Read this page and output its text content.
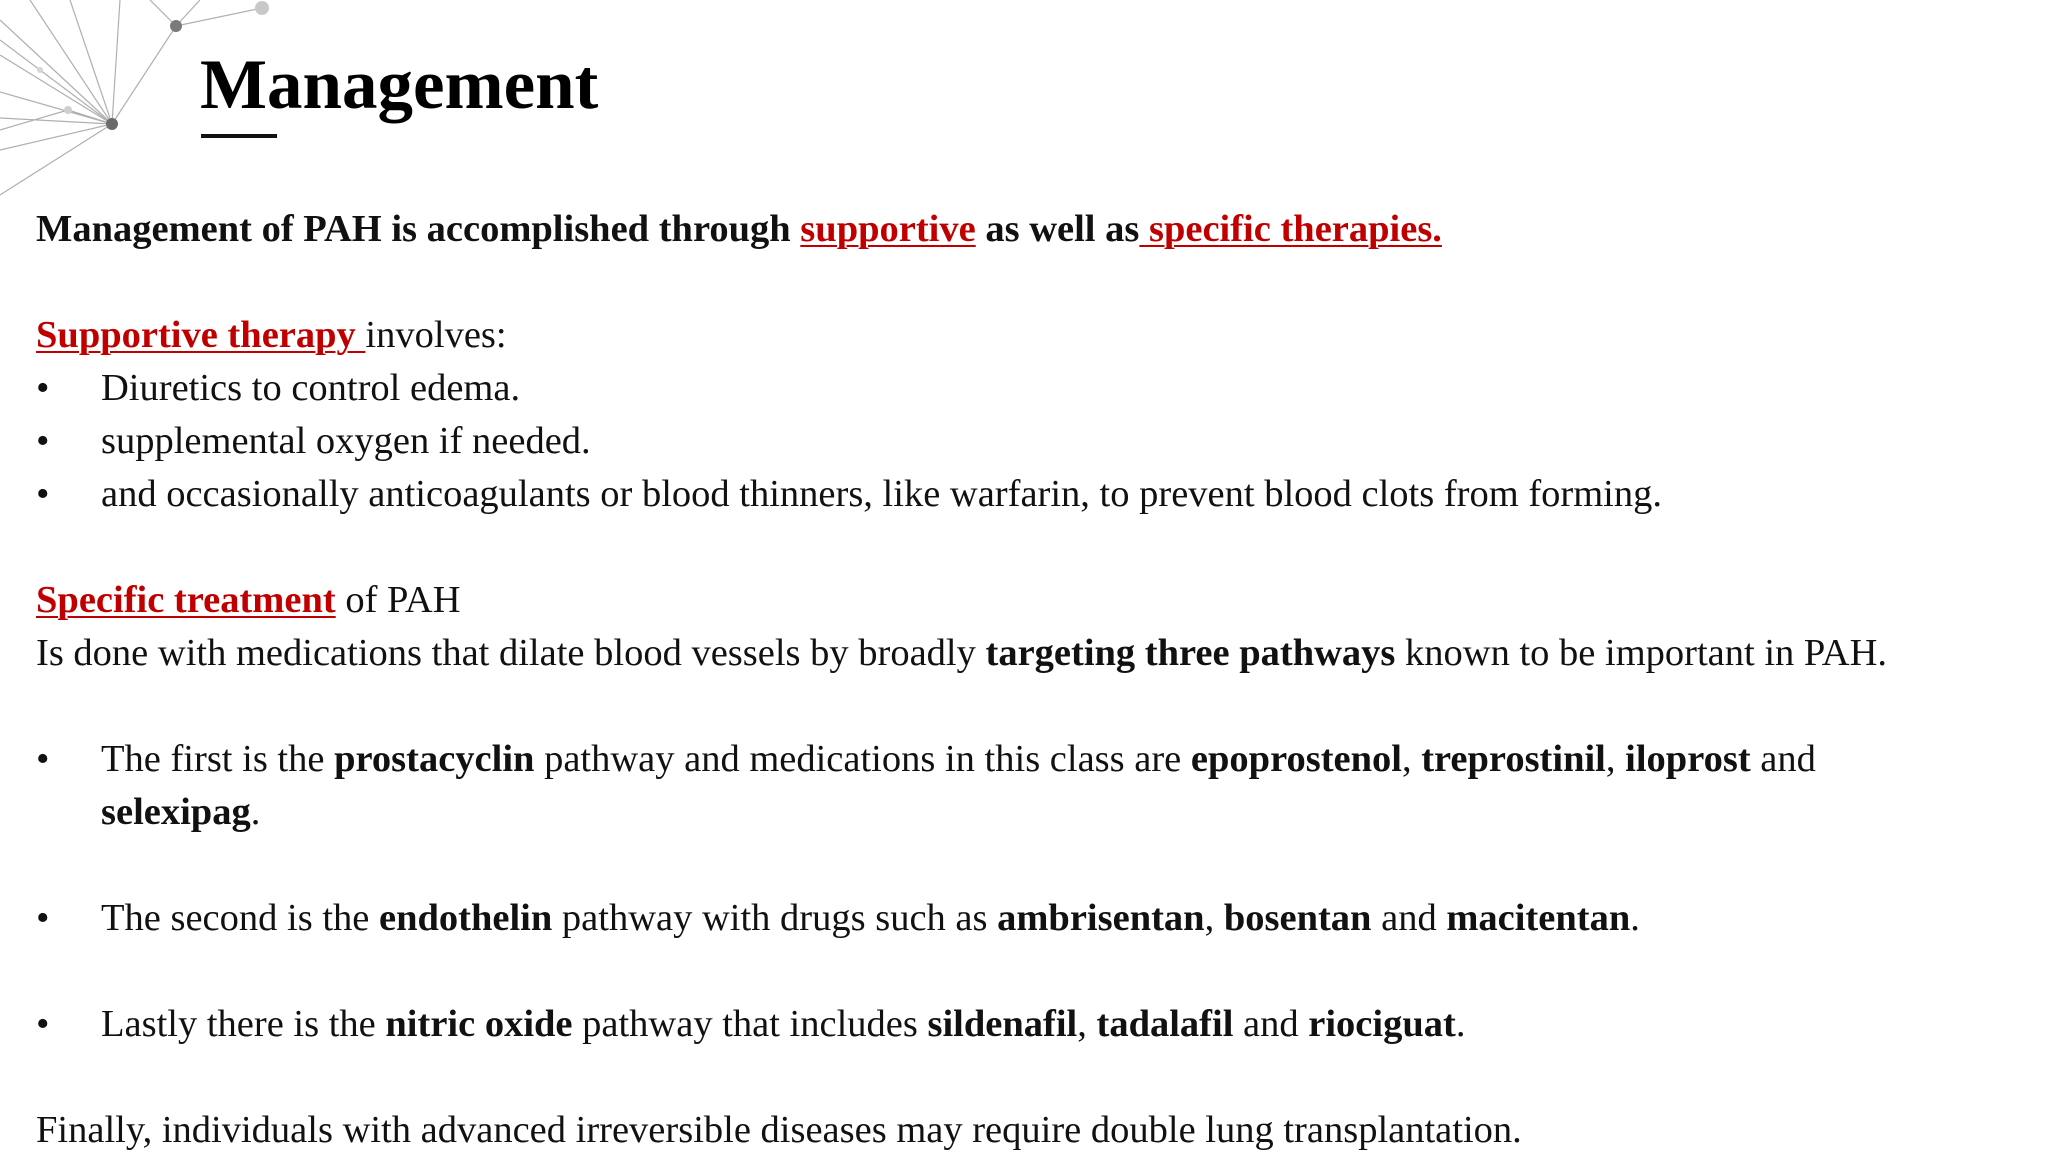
Management
Management of PAH is accomplished through supportive as well as specific therapies.
Supportive therapy involves:
•	Diuretics to control edema.
•	supplemental oxygen if needed.
•	and occasionally anticoagulants or blood thinners, like warfarin, to prevent blood clots from forming.
Specific treatment of PAH
Is done with medications that dilate blood vessels by broadly targeting three pathways known to be important in PAH.
•	The first is the prostacyclin pathway and medications in this class are epoprostenol, treprostinil, iloprost and
selexipag.
•	The second is the endothelin pathway with drugs such as ambrisentan, bosentan and macitentan.
•	Lastly there is the nitric oxide pathway that includes sildenafil, tadalafil and riociguat.
Finally, individuals with advanced irreversible diseases may require double lung transplantation.
